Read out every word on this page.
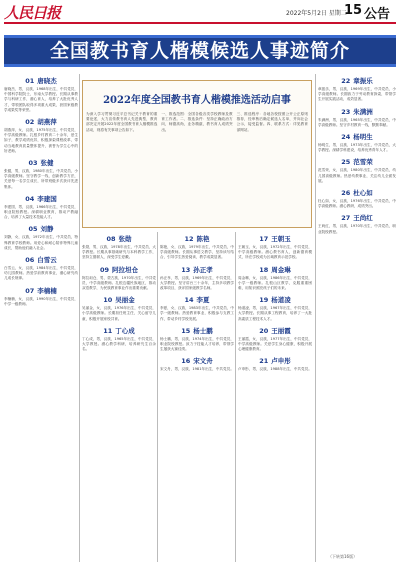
人民日报	2022年5月2日 星期二
15 公告
全国教书育人楷模候选人事迹简介
01 唐晓杰
唐晓杰，男，汉族，1968年出生，中共党员，中国科学院院士，东南大学教授。长期从事教学与科研工作，潜心育人，培养了大批优秀人才，带领团队取得多项重大成果，获国家级教学成果奖等荣誉。
02 胡燕萍
胡燕萍，女，汉族，1975年出生，中共党员，中学高级教师。扎根乡村教育二十余年，爱生如子，教学成绩优异，积极探索课程改革，带动当地教育质量整体提升，被誉为学生心中的好老师。
03 张健
张健，男，汉族，1980年出生，中共党员，小学高级教师。坚守教学一线，创新教学方法，关爱每一名学生成长，所带班级多次获评先进集体。
04 李建国
李建国，男，汉族，1966年出生，中共党员，职业院校教授。深耕职业教育，推动产教融合，培养了大量技术技能人才。
05 刘静
刘静，女，汉族，1972年出生，中共党员，特殊教育学校教师。用爱心和耐心陪伴特殊儿童成长，帮助他们融入社会。
06 白雪云
白雪云，女，汉族，1984年出生，中共党员，幼儿园教师。热爱学前教育事业，潜心研究幼儿成长规律。
07 李楠楠
李楠楠，女，汉族，1990年出生，中共党员，中学一级教师。
08 张勋
张勋，男，汉族，1978年出生，中共党员，大学教授。长期从事基础研究与本科教学工作，坚持立德树人，深受学生爱戴。
09 阿拉坦仓
阿拉坦仓，男，蒙古族，1970年出生，中共党员，中学高级教师。扎根边疆民族地区，推动双语教学，为民族教育事业作出重要贡献。
10 吴丽金
吴丽金，女，汉族，1976年出生，中共党员，小学高级教师。长期担任班主任，关心留守儿童，积极开展家校共育。
11 丁心成
丁心成，男，汉族，1965年出生，中共党员，大学教授。潜心教学科研，培养研究生百余名。
12 陈艳
陈艳，女，汉族，1979年出生，中共党员，中学高级教师。长期从事语文教学，坚持读写结合，引导学生热爱阅读，教学成果显著。
13 孙正孝
孙正孝，男，汉族，1969年出生，中共党员，大学教授。坚守讲台三十余年，主持多项教学改革项目，获评国家级教学名师。
14 李夏
李夏，女，汉族，1983年出生，中共党员，中学一级教师。热爱教育事业，积极参与支教工作，带动乡村学校发展。
15 杨士鹏
杨士鹏，男，汉族，1974年出生，中共党员，职业院校教授。致力于技能人才培养，带领学生屡获大赛佳绩。
16 宋文舟
宋文舟，男，汉族，1981年出生，中共党员。
17 王朝玉
王朝玉，女，汉族，1972年出生，中共党员，中学高级教师。潜心教书育人，创新德育模式，所在学校成为区域教育示范学校。
18 周金琳
周金琳，女，汉族，1986年出生，中共党员，小学一级教师。扎根山区教学，克服重重困难，用知识照亮孩子们的未来。
19 杨道凌
杨道凌，男，汉族，1967年出生，中共党员，大学教授。长期从事工程教育，培养了一大批高素质工程技术人才。
20 王丽霞
王丽霞，女，汉族，1977年出生，中共党员，中学高级教师。关爱学生身心健康，积极开展心理健康教育。
21 卢申彤
卢申彤，男，汉族，1988年出生，中共党员。
22 章振乐
章振乐，男，汉族，1969年出生，中共党员，小学高级教师。长期致力于劳动教育探索，带领学生开展实践活动，成效显著。
23 朱满洲
朱满洲，男，汉族，1965年出生，中共党员，中学高级教师。坚守乡村教育一线，默默奉献。
24 杨明生
杨明生，男，汉族，1973年出生，中共党员，大学教授。深耕学科建设，培养优秀青年人才。
25 范雪荣
范雪荣，女，汉族，1980年出生，中共党员，幼儿园高级教师。热爱幼教事业，关注幼儿全面发展。
26 杜心如
杜心如，女，汉族，1976年出生，中共党员，中学高级教师。潜心教研，成绩突出。
27 王尚红
王尚红，男，汉族，1970年出生，中共党员，职业院校教授。
2022年度全国教书育人楷模推选活动启事
为深入学习贯彻习近平总书记关于教育的重要论述，大力宣传教书育人先进典型，教育部决定开展2022年度全国教书育人楷模推选活动，现将有关事项公告如下。
一、推选范围：全国各级各类学校教师及教育工作者。二、推选条件：坚持正确政治方向，师德高尚，业务精湛，教书育人成绩突出。
三、推选程序：各地各校按照公开公正原则推荐，经审核后确定候选人名单，并向社会公示，接受监督。四、联系方式：详见教育部网站。
（下转第16版）
